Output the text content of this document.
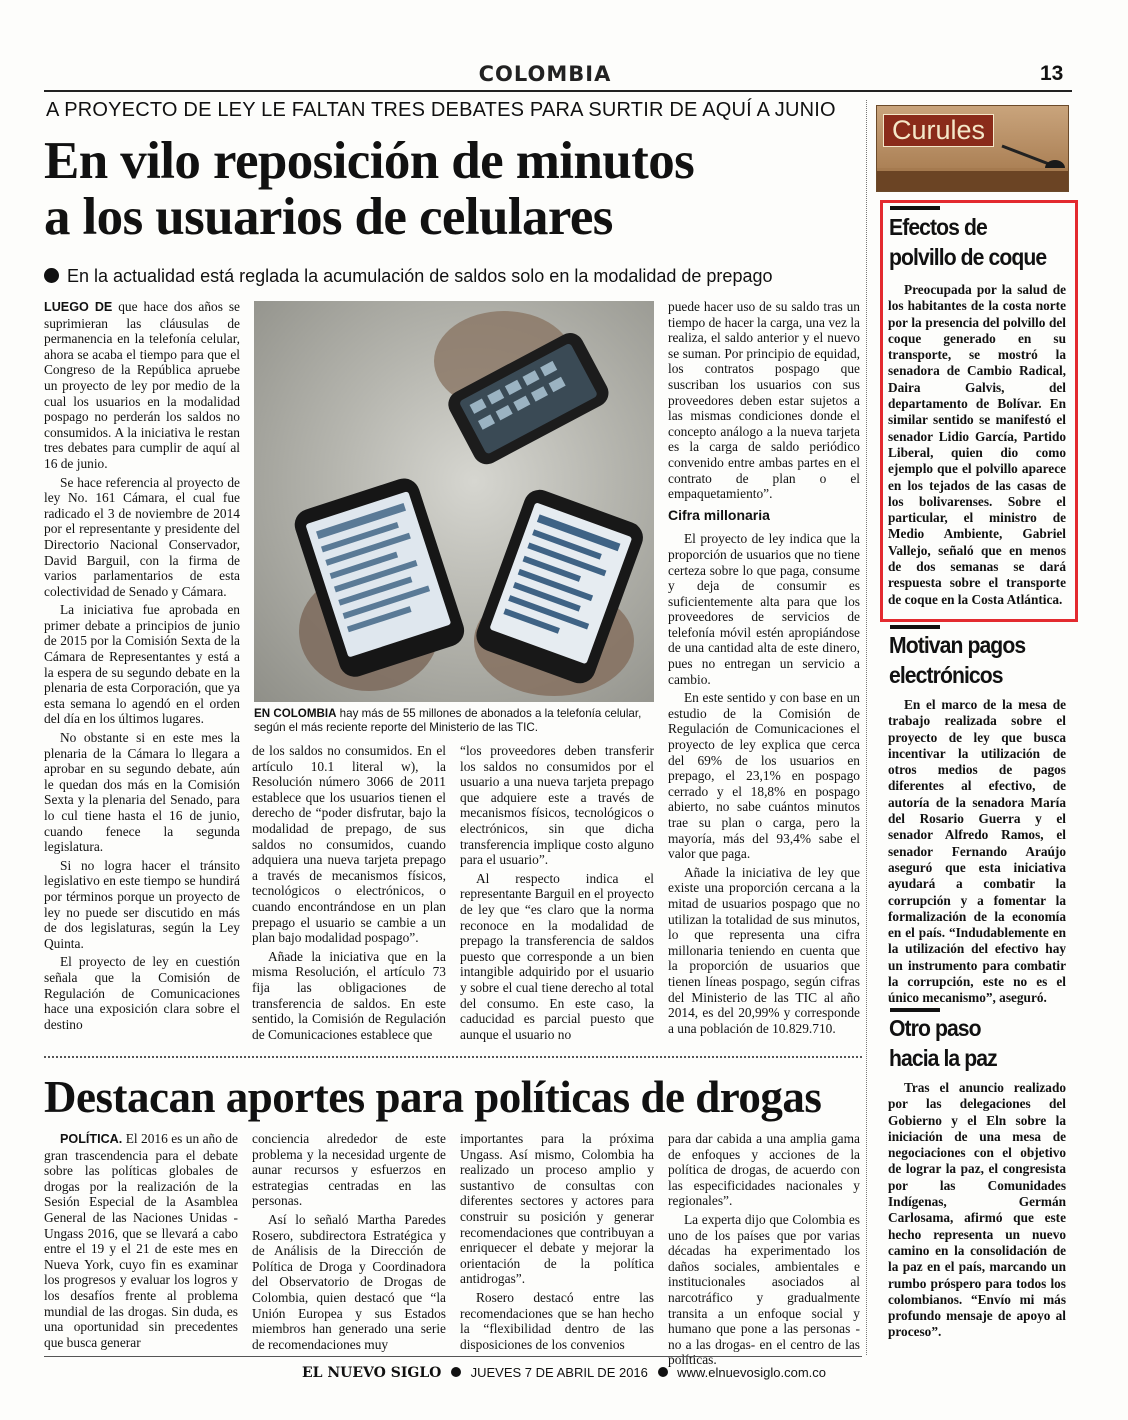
COLOMBIA	13
A PROYECTO DE LEY LE FALTAN TRES DEBATES PARA SURTIR DE AQUÍ A JUNIO
En vilo reposición de minutos
a los usuarios de celulares
En la actualidad está reglada la acumulación de saldos solo en la modalidad de prepago

LUEGO DE que hace dos años se suprimieran las cláusulas de permanencia en la telefonía celular, ahora se acaba el tiempo para que el Congreso de la República apruebe un proyecto de ley por medio de la cual los usuarios en la modalidad pospago no perderán los saldos no consumidos. A la iniciativa le restan tres debates para cumplir de aquí al 16 de junio.

Se hace referencia al proyecto de ley No. 161 Cámara, el cual fue radicado el 3 de noviembre de 2014 por el representante y presidente del Directorio Nacional Conservador, David Barguil, con la firma de varios parlamentarios de esta colectividad de Senado y Cámara.

La iniciativa fue aprobada en primer debate a principios de junio de 2015 por la Comisión Sexta de la Cámara de Representantes y está a la espera de su segundo debate en la plenaria de esta Corporación, que ya esta semana lo agendó en el orden del día en los últimos lugares.

No obstante si en este mes la plenaria de la Cámara lo llegara a aprobar en su segundo debate, aún le quedan dos más en la Comisión Sexta y la plenaria del Senado, para lo cul tiene hasta el 16 de junio, cuando fenece la segunda legislatura.

Si no logra hacer el tránsito legislativo en este tiempo se hundirá por términos porque un proyecto de ley no puede ser discutido en más de dos legislaturas, según la Ley Quinta.

El proyecto de ley en cuestión señala que la Comisión de Regulación de Comunicaciones hace una exposición clara sobre el destino

EN COLOMBIA hay más de 55 millones de abonados a la telefonía celular, según el más reciente reporte del Ministerio de las TIC.

de los saldos no consumidos. En el artículo 10.1 literal w), la Resolución número 3066 de 2011 establece que los usuarios tienen el derecho de “poder disfrutar, bajo la modalidad de prepago, de sus saldos no consumidos, cuando adquiera una nueva tarjeta prepago a través de mecanismos físicos, tecnológicos o electrónicos, o cuando encontrándose en un plan prepago el usuario se cambie a un plan bajo modalidad pospago”.

Añade la iniciativa que en la misma Resolución, el artículo 73 fija las obligaciones de transferencia de saldos. En este sentido, la Comisión de Regulación de Comunicaciones establece que

“los proveedores deben transferir los saldos no consumidos por el usuario a una nueva tarjeta prepago que adquiere este a través de mecanismos físicos, tecnológicos o electrónicos, sin que dicha transferencia implique costo alguno para el usuario”.

Al respecto indica el representante Barguil en el proyecto de ley que “es claro que la norma reconoce en la modalidad de prepago la transferencia de saldos puesto que corresponde a un bien intangible adquirido por el usuario y sobre el cual tiene derecho al total del consumo. En este caso, la caducidad es parcial puesto que aunque el usuario no

puede hacer uso de su saldo tras un tiempo de hacer la carga, una vez la realiza, el saldo anterior y el nuevo se suman. Por principio de equidad, los contratos pospago que suscriban los usuarios con sus proveedores deben estar sujetos a las mismas condiciones donde el concepto análogo a la nueva tarjeta es la carga de saldo periódico convenido entre ambas partes en el contrato de plan o el empaquetamiento”.

Cifra millonaria

El proyecto de ley indica que la proporción de usuarios que no tiene certeza sobre lo que paga, consume y deja de consumir es suficientemente alta para que los proveedores de servicios de telefonía móvil estén apropiándose de una cantidad alta de este dinero, pues no entregan un servicio a cambio.

En este sentido y con base en un estudio de la Comisión de Regulación de Comunicaciones el proyecto de ley explica que cerca del 69% de los usuarios en prepago, el 23,1% en pospago cerrado y el 18,8% en pospago abierto, no sabe cuántos minutos trae su plan o carga, pero la mayoría, más del 93,4% sabe el valor que paga.

Añade la iniciativa de ley que existe una proporción cercana a la mitad de usuarios pospago que no utilizan la totalidad de sus minutos, lo que representa una cifra millonaria teniendo en cuenta que la proporción de usuarios que tienen líneas pospago, según cifras del Ministerio de las TIC al año 2014, es del 20,99% y corresponde a una población de 10.829.710.

Destacan aportes para políticas de drogas

POLÍTICA. El 2016 es un año de gran trascendencia para el debate sobre las políticas globales de drogas por la realización de la Sesión Especial de la Asamblea General de las Naciones Unidas - Ungass 2016, que se llevará a cabo entre el 19 y el 21 de este mes en Nueva York, cuyo fin es examinar los progresos y evaluar los logros y los desafíos frente al problema mundial de las drogas. Sin duda, es una oportunidad sin precedentes que busca generar

conciencia alrededor de este problema y la necesidad urgente de aunar recursos y esfuerzos en estrategias centradas en las personas.

Así lo señaló Martha Paredes Rosero, subdirectora Estratégica y de Análisis de la Dirección de Política de Droga y Coordinadora del Observatorio de Drogas de Colombia, quien destacó que “la Unión Europea y sus Estados miembros han generado una serie de recomendaciones muy

importantes para la próxima Ungass. Así mismo, Colombia ha realizado un proceso amplio y sustantivo de consultas con diferentes sectores y actores para construir su posición y generar recomendaciones que contribuyan a enriquecer el debate y mejorar la orientación de la política antidrogas”.

Rosero destacó entre las recomendaciones que se han hecho la “flexibilidad dentro de las disposiciones de los convenios

para dar cabida a una amplia gama de enfoques y acciones de la política de drogas, de acuerdo con las especificidades nacionales y regionales”.

La experta dijo que Colombia es uno de los países que por varias décadas ha experimentado los daños sociales, ambientales e institucionales asociados al narcotráfico y gradualmente transita a un enfoque social y humano que pone a las personas -no a las drogas- en el centro de las políticas.

Curules
Efectos de
polvillo de coque

Preocupada por la salud de los habitantes de la costa norte por la presencia del polvillo del coque generado en su transporte, se mostró la senadora de Cambio Radical, Daira Galvis, del departamento de Bolívar. En similar sentido se manifestó el senador Lidio García, Partido Liberal, quien dio como ejemplo que el polvillo aparece en los tejados de las casas de los bolivarenses. Sobre el particular, el ministro de Medio Ambiente, Gabriel Vallejo, señaló que en menos de dos semanas se dará respuesta sobre el transporte de coque en la Costa Atlántica.

Motivan pagos
electrónicos

En el marco de la mesa de trabajo realizada sobre el proyecto de ley que busca incentivar la utilización de otros medios de pagos diferentes al efectivo, de autoría de la senadora María del Rosario Guerra y el senador Alfredo Ramos, el senador Fernando Araújo aseguró que esta iniciativa ayudará a combatir la corrupción y a fomentar la formalización de la economía en el país. “Indudablemente en la utilización del efectivo hay un instrumento para combatir la corrupción, este no es el único mecanismo”, aseguró.

Otro paso
hacia la paz

Tras el anuncio realizado por las delegaciones del Gobierno y el Eln sobre la iniciación de una mesa de negociaciones con el objetivo de lograr la paz, el congresista por las Comunidades Indígenas, Germán Carlosama, afirmó que este hecho representa un nuevo camino en la consolidación de la paz en el país, marcando un rumbo próspero para todos los colombianos. “Envío mi más profundo mensaje de apoyo al proceso”.

EL NUEVO SIGLO JUEVES 7 DE ABRIL DE 2016 www.elnuevosiglo.com.co
